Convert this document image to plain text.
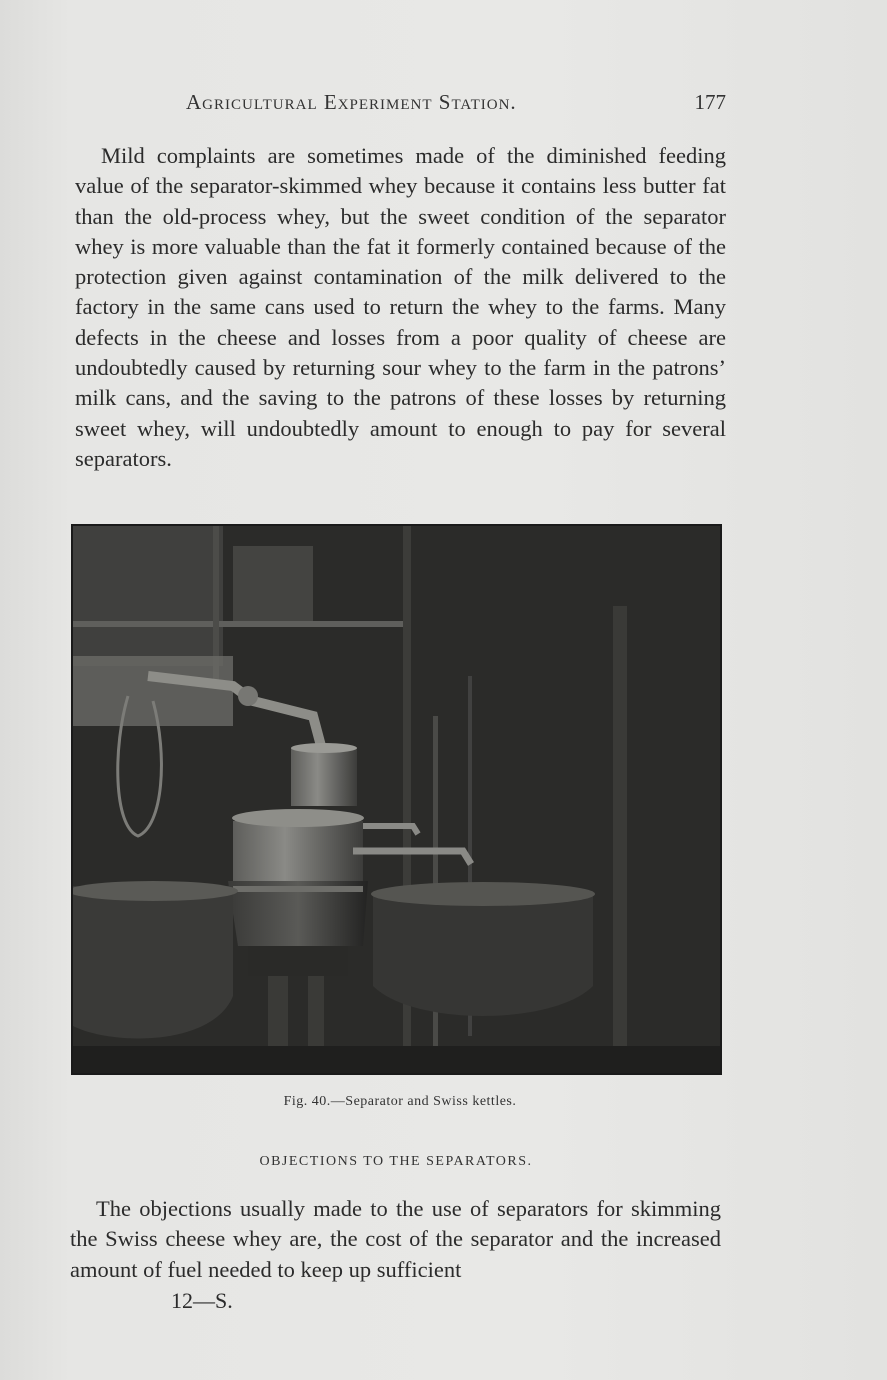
Agricultural Experiment Station.	177

Mild complaints are sometimes made of the diminished feeding value of the separator-skimmed whey because it contains less butter fat than the old-process whey, but the sweet condition of the separator whey is more valuable than the fat it formerly contained because of the protection given against contamination of the milk delivered to the factory in the same cans used to return the whey to the farms. Many defects in the cheese and losses from a poor quality of cheese are undoubtedly caused by returning sour whey to the farm in the patrons’ milk cans, and the saving to the patrons of these losses by returning sweet whey, will undoubtedly amount to enough to pay for several separators.

Fig. 40.—Separator and Swiss kettles.
OBJECTIONS TO THE SEPARATORS.

The objections usually made to the use of separators for skimming the Swiss cheese whey are, the cost of the separator and the increased amount of fuel needed to keep up sufficient

12—S.
